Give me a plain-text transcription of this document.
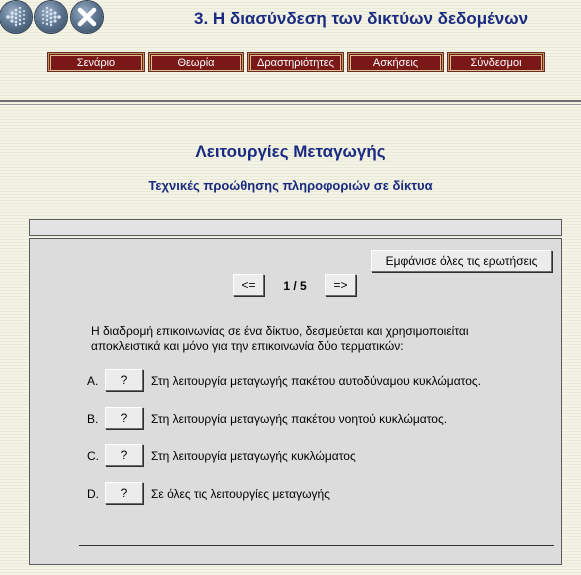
3. Η διασύνδεση των δικτύων δεδομένων
Σενάριο	Θεωρία	Δραστηριότητες	Ασκήσεις	Σύνδεσμοι
Λειτουργίες Μεταγωγής
Τεχνικές προώθησης πληροφοριών σε δίκτυα
Εμφάνισε όλες τις ερωτήσεις
<=	1 / 5	=>
Η διαδρομή επικοινωνίας σε ένα δίκτυο, δεσμεύεται και χρησιμοποιείται αποκλειστικά και μόνο για την επικοινωνία δύο τερματικών:
A.	?	Στη λειτουργία μεταγωγής πακέτου αυτοδύναμου κυκλώματος.
B.	?	Στη λειτουργία μεταγωγής πακέτου νοητού κυκλώματος.
C.	?	Στη λειτουργία μεταγωγής κυκλώματος
D.	?	Σε όλες τις λειτουργίες μεταγωγής
